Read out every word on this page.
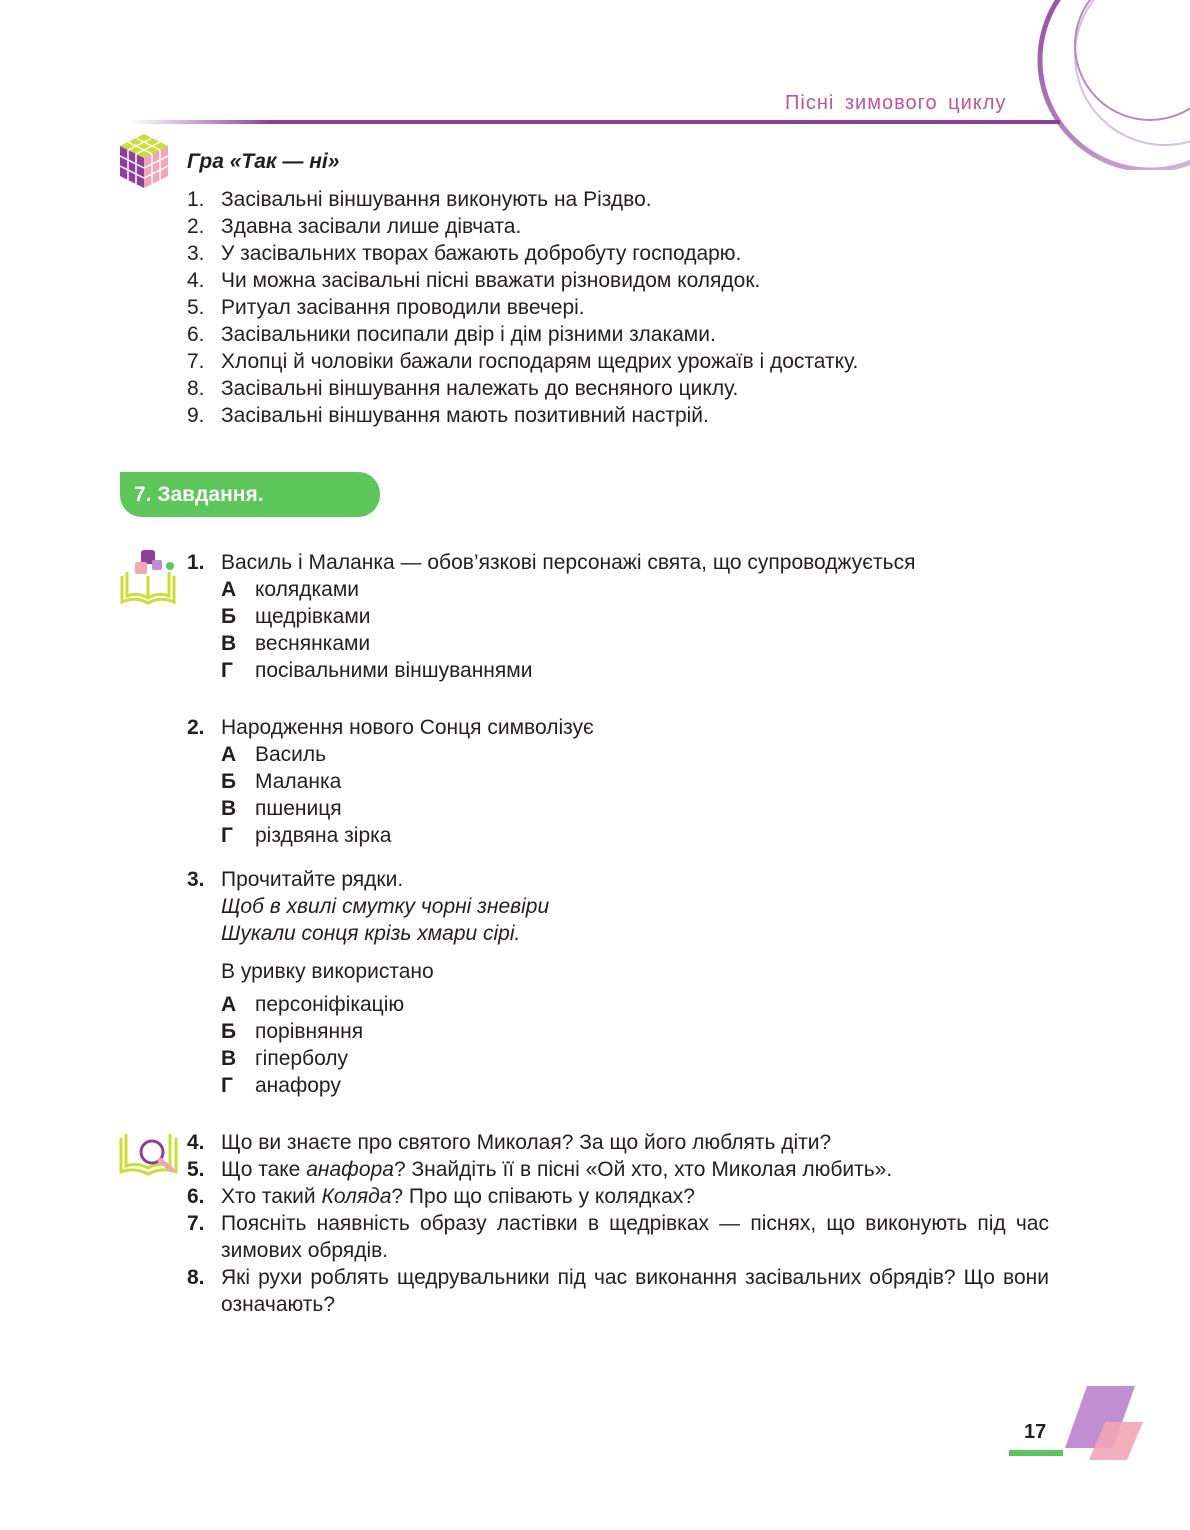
Пісні зимового циклу
Гра «Так — ні»
1. Засівальні віншування виконують на Різдво.
2. Здавна засівали лише дівчата.
3. У засівальних творах бажають добробуту господарю.
4. Чи можна засівальні пісні вважати різновидом колядок.
5. Ритуал засівання проводили ввечері.
6. Засівальники посипали двір і дім різними злаками.
7. Хлопці й чоловіки бажали господарям щедрих урожаїв і достатку.
8. Засівальні віншування належать до весняного циклу.
9. Засівальні віншування мають позитивний настрій.
7. Завдання.
1. Василь і Маланка — обов’язкові персонажі свята, що супроводжується
А колядками
Б щедрівками
В веснянками
Г посівальними віншуваннями
2. Народження нового Сонця символізує
А Василь
Б Маланка
В пшениця
Г різдвяна зірка
3. Прочитайте рядки.
Щоб в хвилі смутку чорні зневіри
Шукали сонця крізь хмари сірі.
В уривку використано
А персоніфікацію
Б порівняння
В гіперболу
Г анафору
4. Що ви знаєте про святого Миколая? За що його люблять діти?
5. Що таке анафора? Знайдіть її в пісні «Ой хто, хто Миколая любить».
6. Хто такий Коляда? Про що співають у колядках?
7. Поясніть наявність образу ластівки в щедрівках — піснях, що виконують під час зимових обрядів.
8. Які рухи роблять щедрувальники під час виконання засівальних обрядів? Що вони означають?
17
